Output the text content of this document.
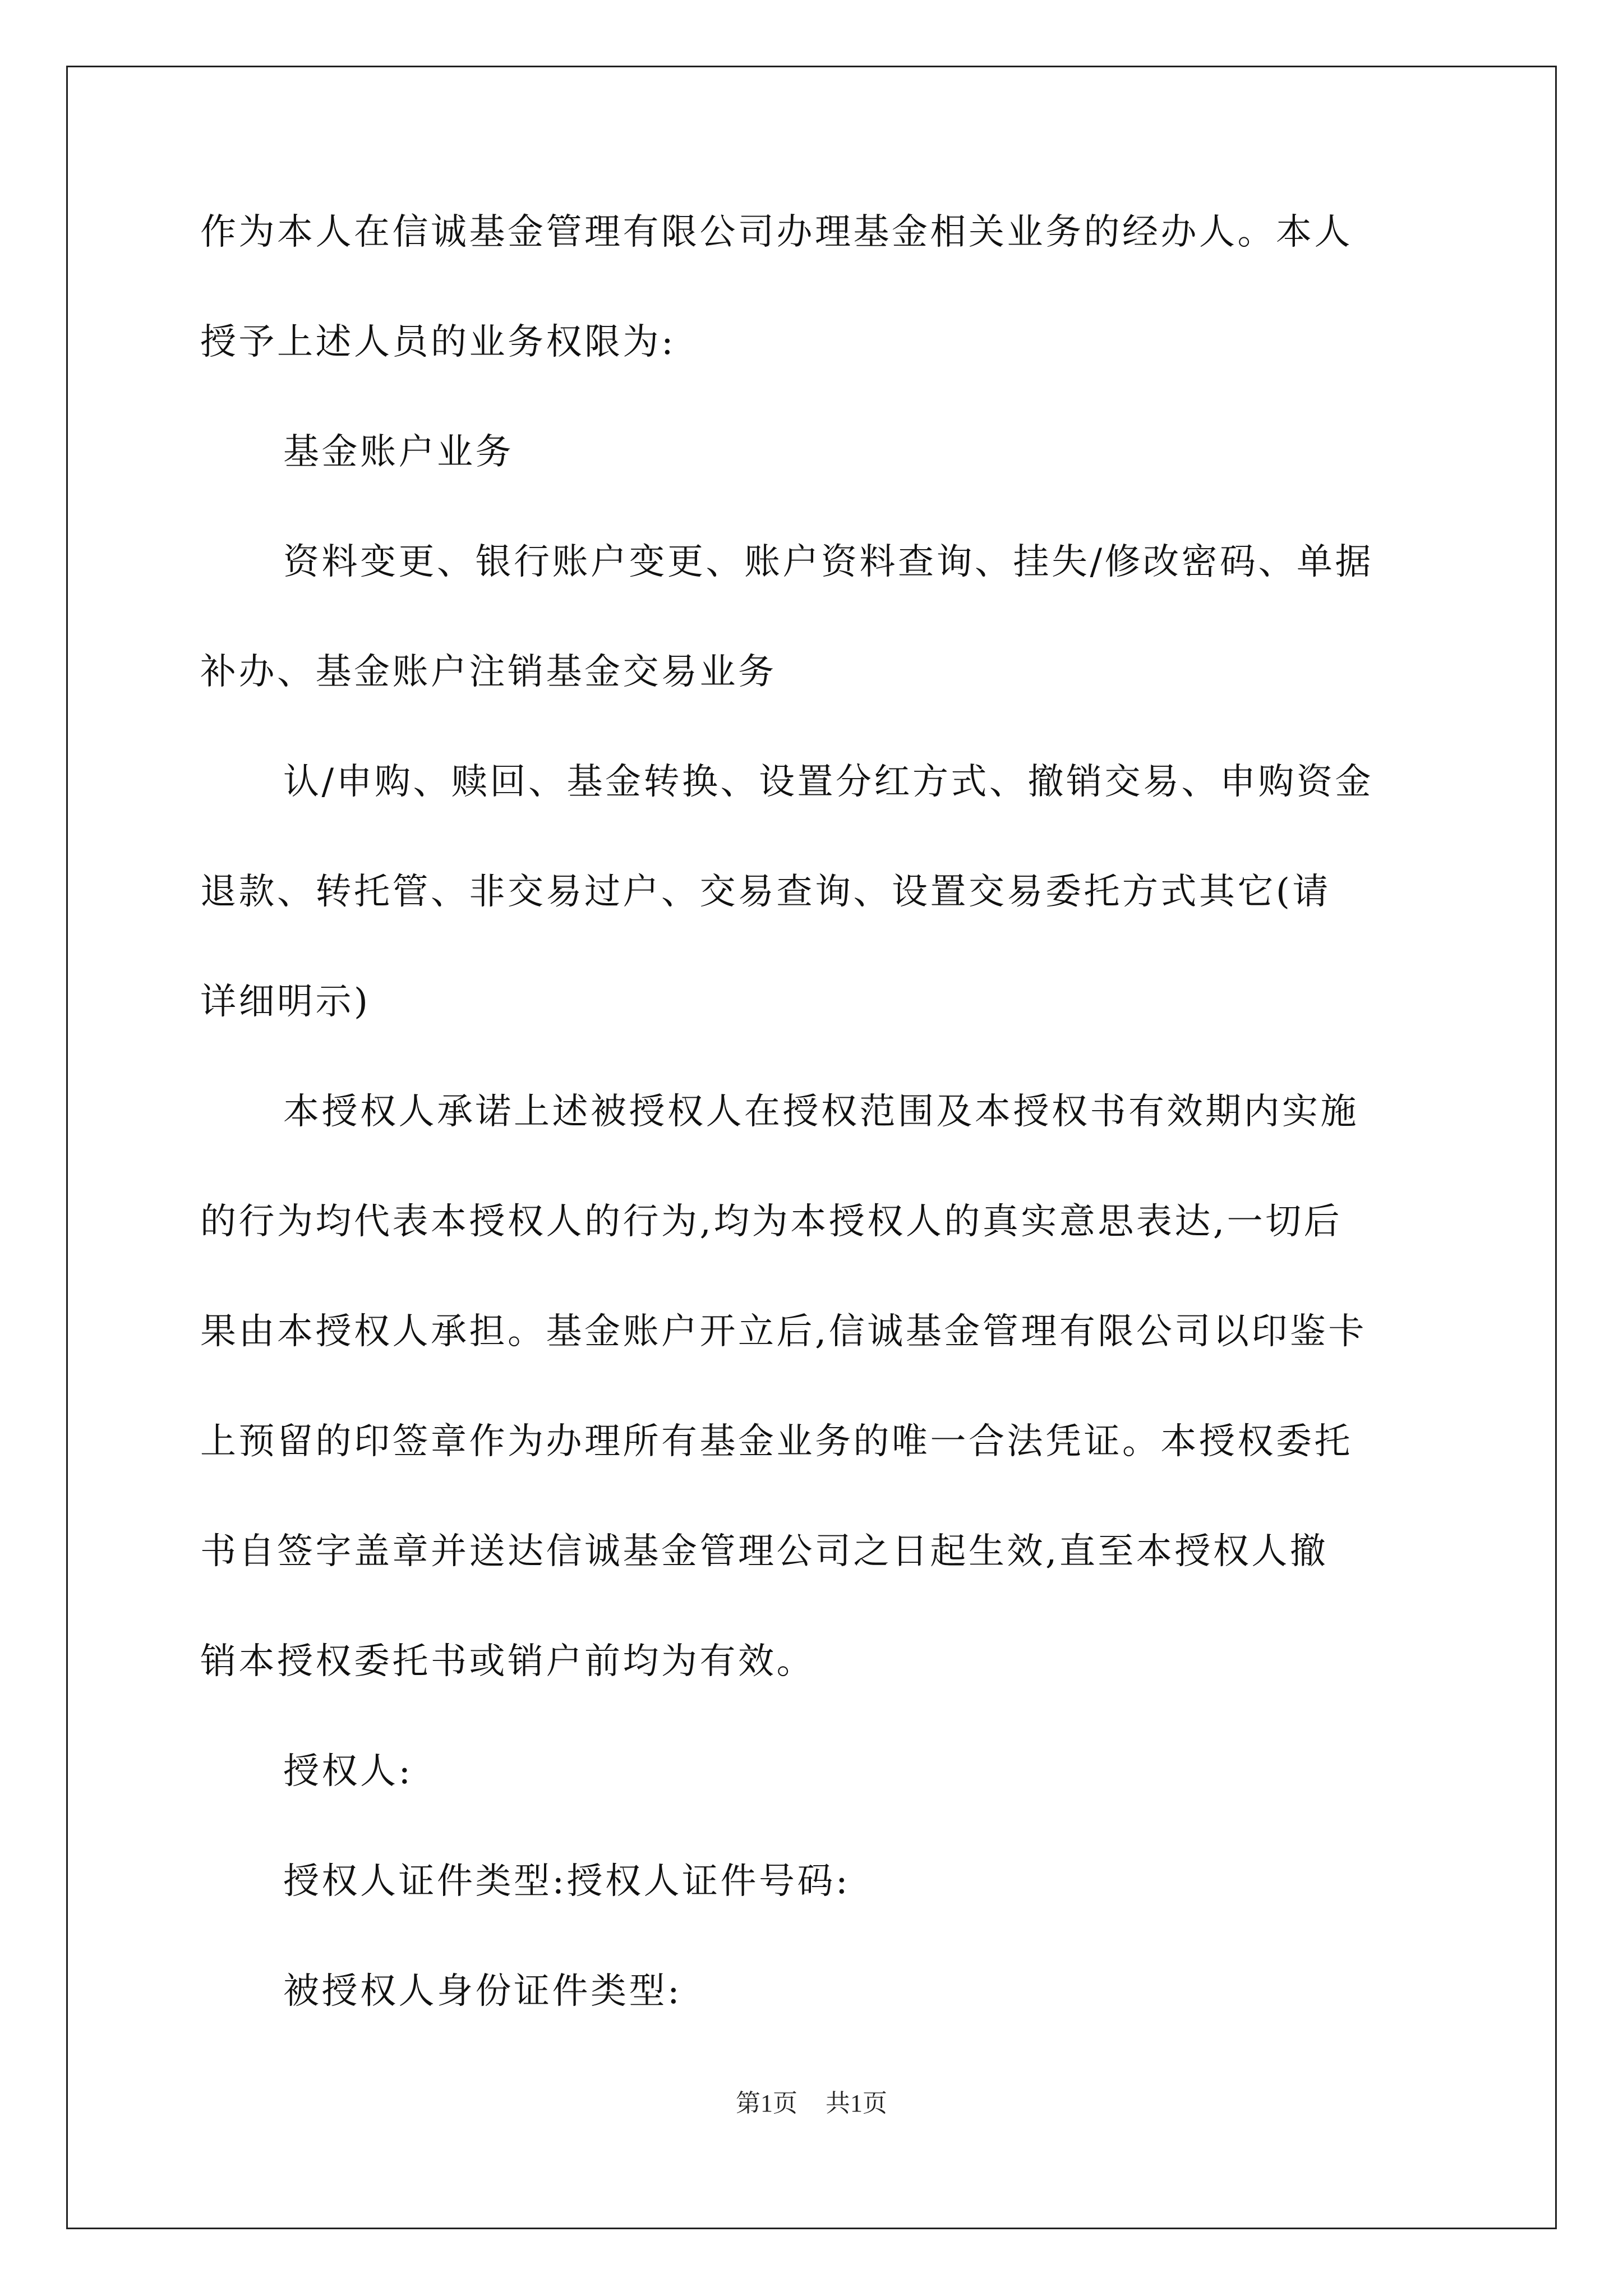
作为本人在信诚基金管理有限公司办理基金相关业务的经办人。本人

授予上述人员的业务权限为:

基金账户业务

资料变更、银行账户变更、账户资料查询、挂失/修改密码、单据

补办、基金账户注销基金交易业务

认/申购、赎回、基金转换、设置分红方式、撤销交易、申购资金

退款、转托管、非交易过户、交易查询、设置交易委托方式其它(请

详细明示)

本授权人承诺上述被授权人在授权范围及本授权书有效期内实施

的行为均代表本授权人的行为,均为本授权人的真实意思表达,一切后

果由本授权人承担。基金账户开立后,信诚基金管理有限公司以印鉴卡

上预留的印签章作为办理所有基金业务的唯一合法凭证。本授权委托

书自签字盖章并送达信诚基金管理公司之日起生效,直至本授权人撤

销本授权委托书或销户前均为有效。

授权人:

授权人证件类型:授权人证件号码:

被授权人身份证件类型:

第1页 共1页
